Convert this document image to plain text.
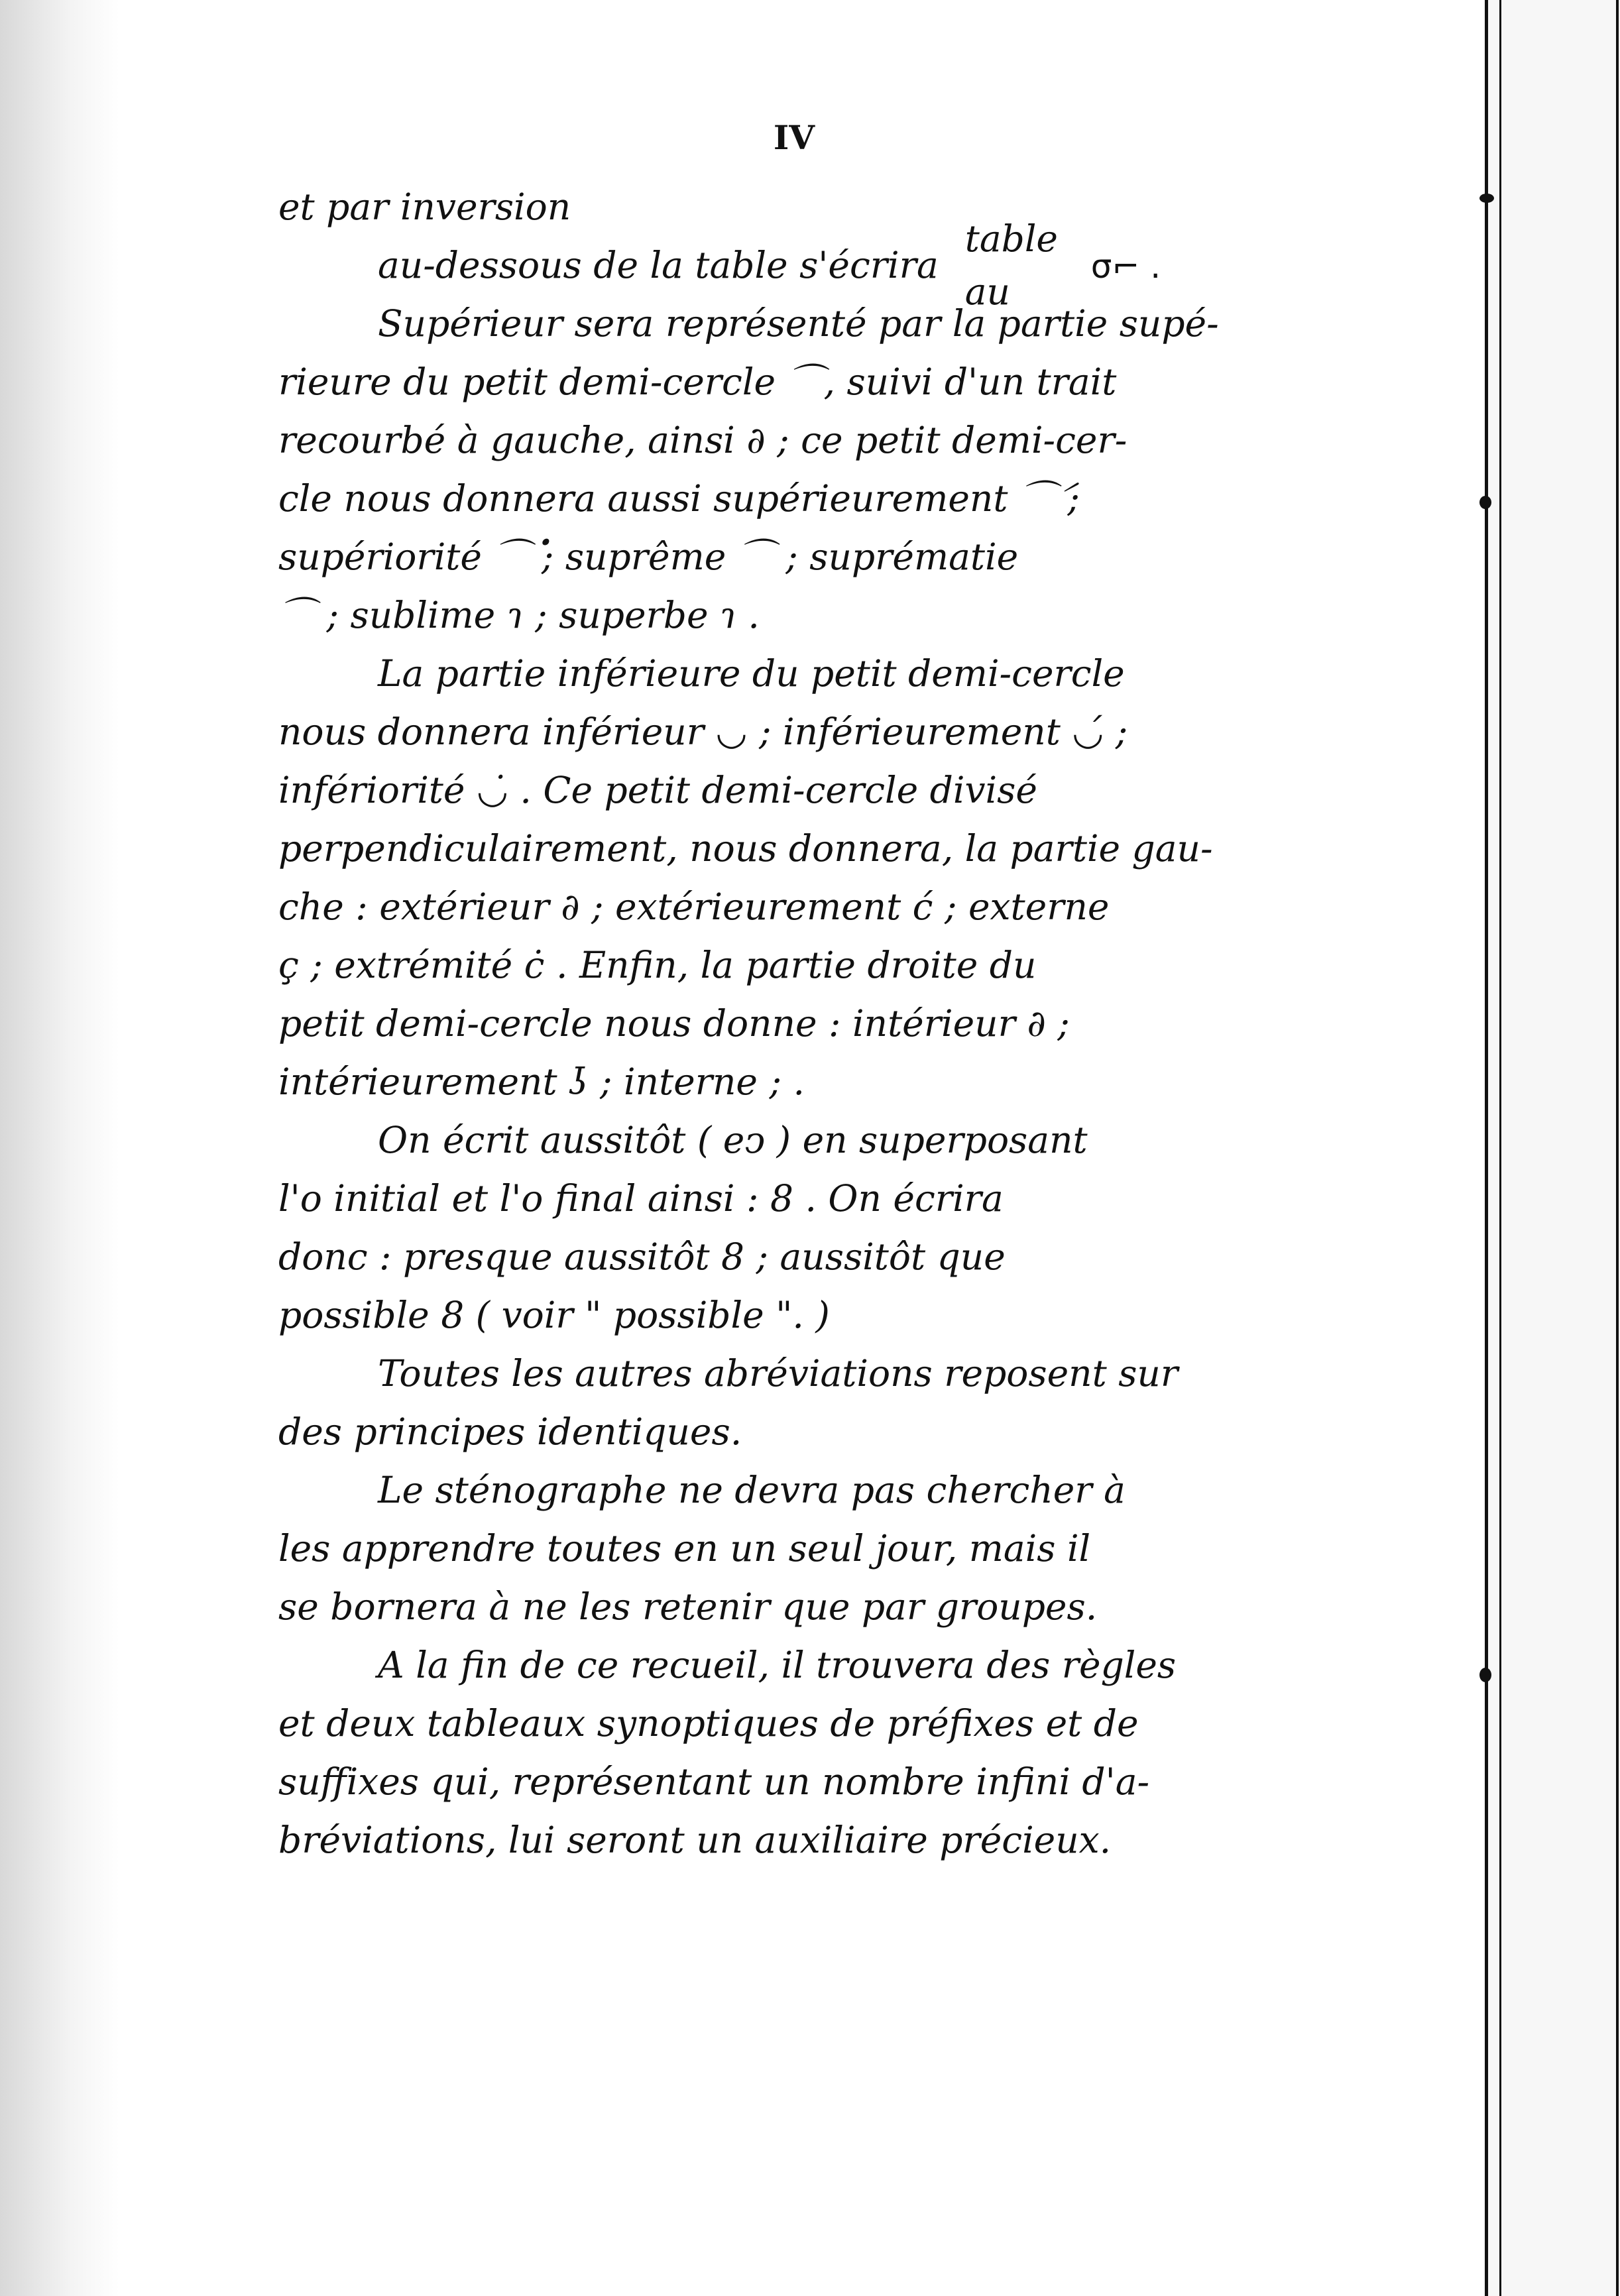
IV
et par inversion
au-dessous de la table s'écrira
table
au
σ⌐ .
Supérieur sera représenté par la partie supé-
rieure du petit demi-cercle ⌒, suivi d'un trait
recourbé à gauche, ainsi ∂ ; ce petit demi-cer-
cle nous donnera aussi supérieurement ⌒́ ;
supériorité ⌒̇ ; suprême ⌒ ; suprématie
⌒ ; sublime ɿ ; superbe ɿ .
La partie inférieure du petit demi-cercle
nous donnera inférieur ◡ ; inférieurement ◡́ ;
infériorité ◡̇ . Ce petit demi-cercle divisé
perpendiculairement, nous donnera, la partie gau-
che : extérieur ∂ ; extérieurement ć ; externe
ç ; extrémité ċ . Enfin, la partie droite du
petit demi-cercle nous donne : intérieur ∂ ;
intérieurement ʖ ; interne ; .
On écrit aussitôt ( eↄ ) en superposant
l'o initial et l'o final ainsi : 8 . On écrira
donc : presque aussitôt 8 ; aussitôt que
possible 8 ( voir " possible ". )
Toutes les autres abréviations reposent sur
des principes identiques.
Le sténographe ne devra pas chercher à
les apprendre toutes en un seul jour, mais il
se bornera à ne les retenir que par groupes.
A la fin de ce recueil, il trouvera des règles
et deux tableaux synoptiques de préfixes et de
suffixes qui, représentant un nombre infini d'a-
bréviations, lui seront un auxiliaire précieux.
